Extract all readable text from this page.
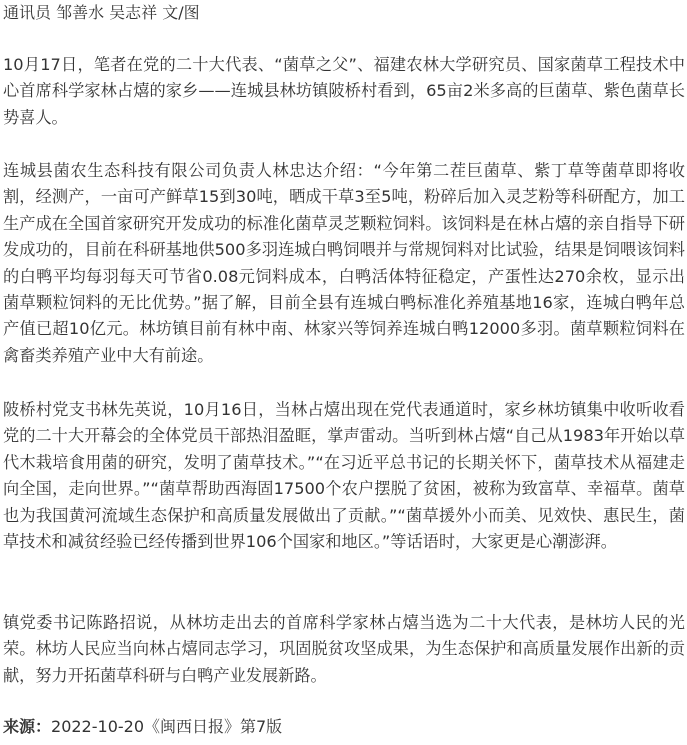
通讯员 邹善水 吴志祥 文/图

10月17日，笔者在党的二十大代表、“菌草之父”、福建农林大学研究员、国家菌草工程技术中心首席科学家林占熺的家乡——连城县林坊镇陂桥村看到，65亩2米多高的巨菌草、紫色菌草长势喜人。

连城县菌农生态科技有限公司负责人林忠达介绍：“今年第二茬巨菌草、紫丁草等菌草即将收割，经测产，一亩可产鲜草15到30吨，晒成干草3至5吨，粉碎后加入灵芝粉等科研配方，加工生产成在全国首家研究开发成功的标准化菌草灵芝颗粒饲料。该饲料是在林占熺的亲自指导下研发成功的，目前在科研基地供500多羽连城白鸭饲喂并与常规饲料对比试验，结果是饲喂该饲料的白鸭平均每羽每天可节省0.08元饲料成本，白鸭活体特征稳定，产蛋性达270余枚，显示出菌草颗粒饲料的无比优势。”据了解，目前全县有连城白鸭标准化养殖基地16家，连城白鸭年总产值已超10亿元。林坊镇目前有林中南、林家兴等饲养连城白鸭12000多羽。菌草颗粒饲料在禽畜类养殖产业中大有前途。

陂桥村党支书林先英说，10月16日，当林占熺出现在党代表通道时，家乡林坊镇集中收听收看党的二十大开幕会的全体党员干部热泪盈眶，掌声雷动。当听到林占熺“自己从1983年开始以草代木栽培食用菌的研究，发明了菌草技术。”“在习近平总书记的长期关怀下，菌草技术从福建走向全国，走向世界。”“菌草帮助西海固17500个农户摆脱了贫困，被称为致富草、幸福草。菌草也为我国黄河流域生态保护和高质量发展做出了贡献。”“菌草援外小而美、见效快、惠民生，菌草技术和减贫经验已经传播到世界106个国家和地区。”等话语时，大家更是心潮澎湃。

镇党委书记陈路招说，从林坊走出去的首席科学家林占熺当选为二十大代表，是林坊人民的光荣。林坊人民应当向林占熺同志学习，巩固脱贫攻坚成果，为生态保护和高质量发展作出新的贡献，努力开拓菌草科研与白鸭产业发展新路。

来源：2022-10-20《闽西日报》第7版
